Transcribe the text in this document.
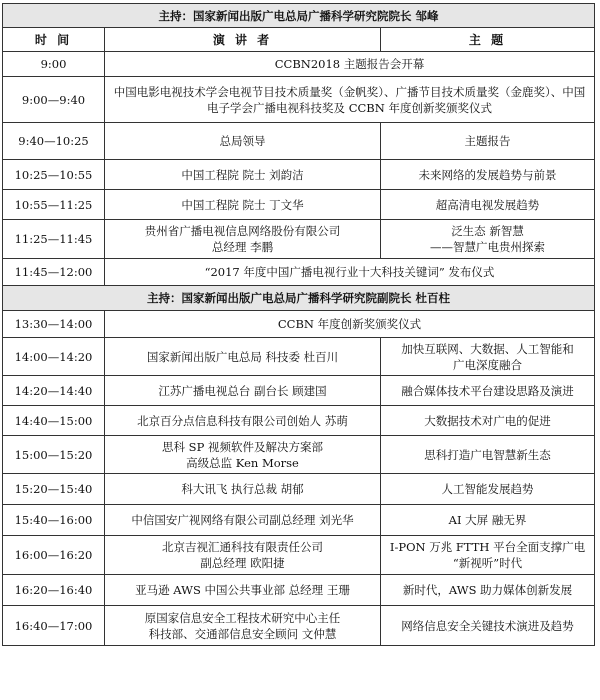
主持：国家新闻出版广电总局广播科学研究院院长 邹峰		
时 间	演 讲 者	主 题
9:00	CCBN2018 主题报告会开幕	
9:00—9:40	中国电影电视技术学会电视节目技术质量奖（金帆奖）、广播节目技术质量奖（金鹿奖）、中国电子学会广播电视科技奖及 CCBN 年度创新奖颁奖仪式	
9:40—10:25	总局领导	主题报告

10:25—10:55	中国工程院 院士 刘韵洁	未来网络的发展趋势与前景

10:55—11:25	中国工程院 院士 丁文华	超高清电视发展趋势

11:25—11:45	贵州省广播电视信息网络股份有限公司
总经理 李鹏	泛生态 新智慧
——智慧广电贵州探索

11:45—12:00	“2017 年度中国广播电视行业十大科技关键词” 发布仪式	
主持：国家新闻出版广电总局广播科学研究院副院长 杜百柱		
13:30—14:00	CCBN 年度创新奖颁奖仪式	
14:00—14:20	国家新闻出版广电总局 科技委 杜百川	加快互联网、大数据、人工智能和
广电深度融合

14:20—14:40	江苏广播电视总台 副台长 顾建国	融合媒体技术平台建设思路及演进

14:40—15:00	北京百分点信息科技有限公司创始人 苏萌	大数据技术对广电的促进

15:00—15:20	思科 SP 视频软件及解决方案部
高级总监 Ken Morse	思科打造广电智慧新生态

15:20—15:40	科大讯飞 执行总裁 胡郁	人工智能发展趋势

15:40—16:00	中信国安广视网络有限公司副总经理 刘光华	AI 大屏 融无界

16:00—16:20	北京吉视汇通科技有限责任公司
副总经理 欧阳捷	I-PON 万兆 FTTH 平台全面支撑广电
“新视听”时代

16:20—16:40	亚马逊 AWS 中国公共事业部 总经理 王珊	新时代，AWS 助力媒体创新发展

16:40—17:00	原国家信息安全工程技术研究中心主任
科技部、交通部信息安全顾问 文仲慧	网络信息安全关键技术演进及趋势
